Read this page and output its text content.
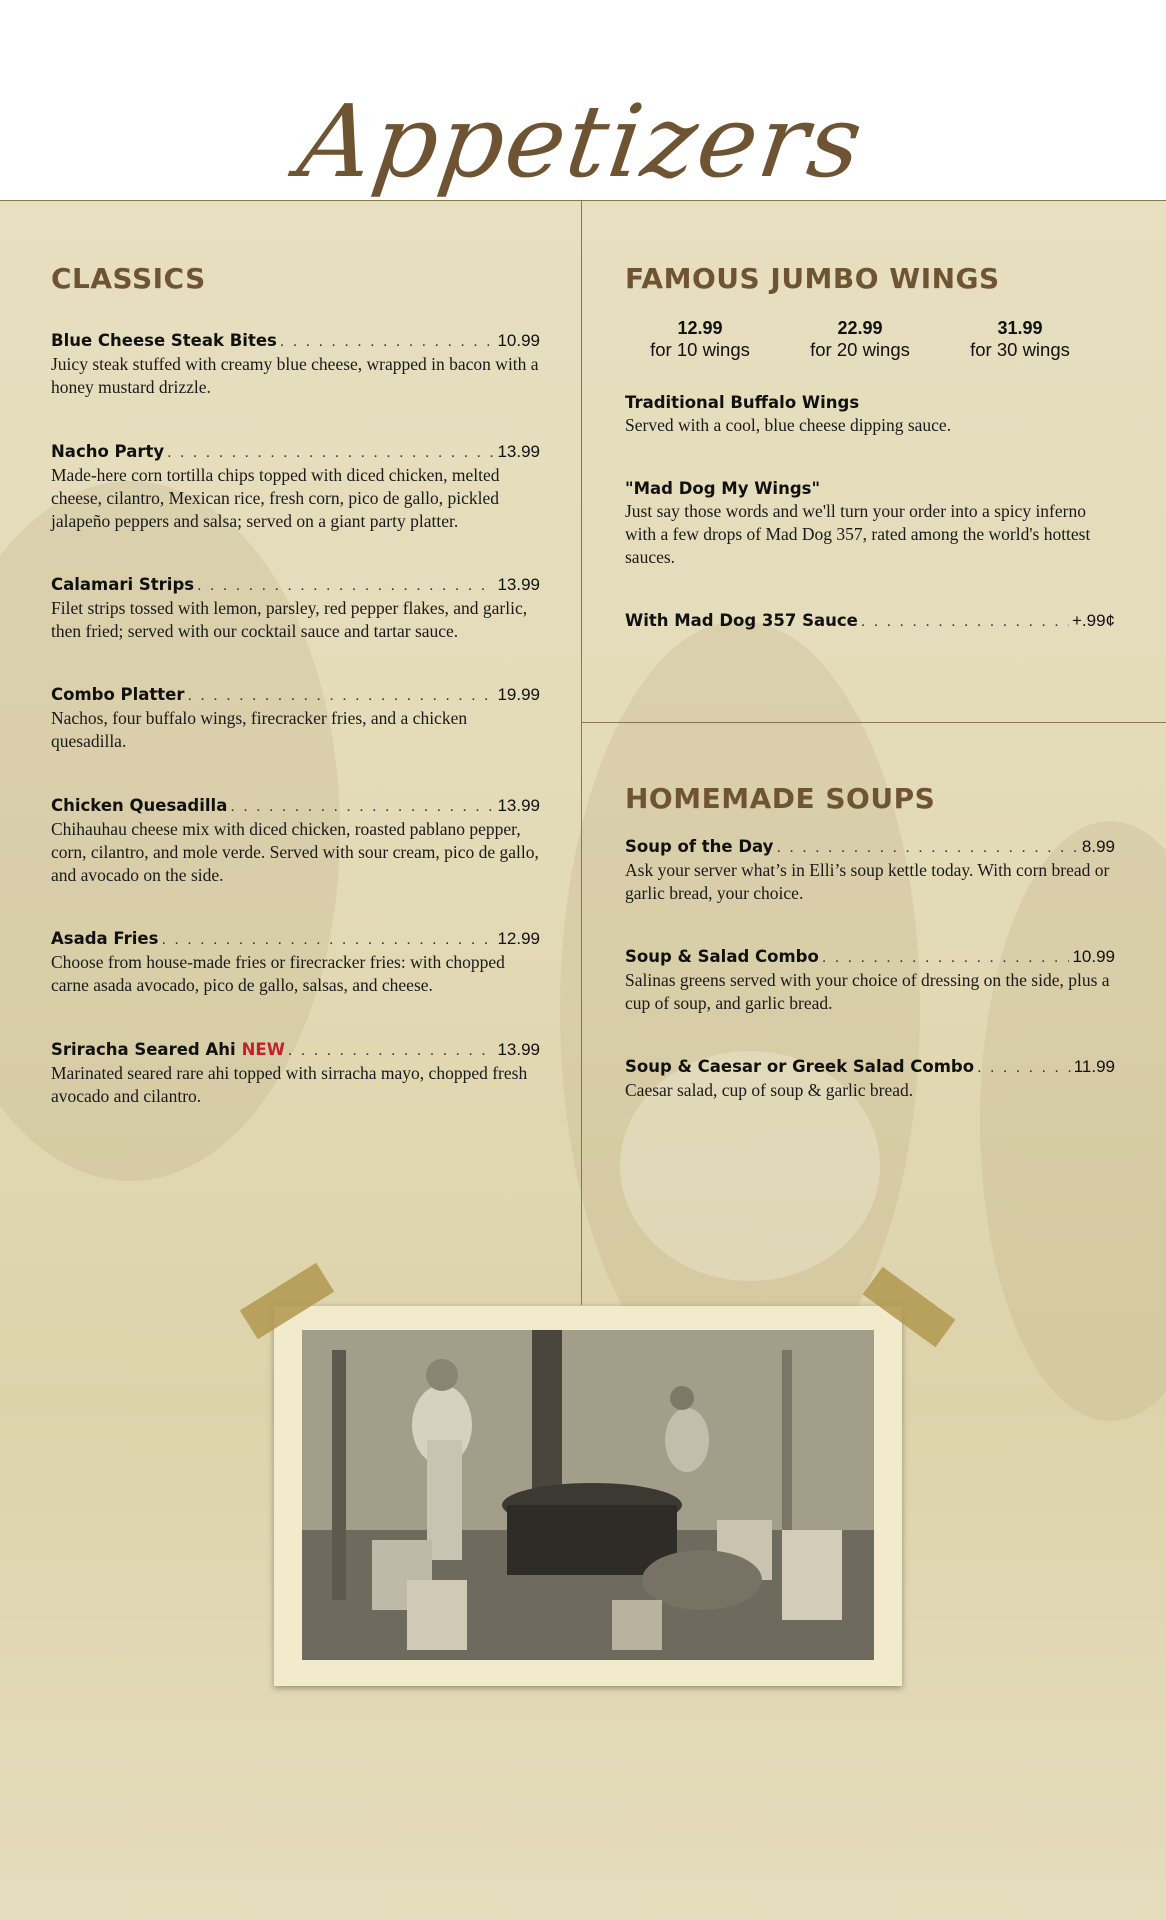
Appetizers
CLASSICS
Blue Cheese Steak Bites . . .	10.99
Juicy steak stuffed with creamy blue cheese, wrapped in bacon with a honey mustard drizzle.
Nacho Party . . .	13.99
Made-here corn tortilla chips topped with diced chicken, melted cheese, cilantro, Mexican rice, fresh corn, pico de gallo, pickled jalapeño peppers and salsa; served on a giant party platter.
Calamari Strips . . .	13.99
Filet strips tossed with lemon, parsley, red pepper flakes, and garlic, then fried; served with our cocktail sauce and tartar sauce.
Combo Platter . . .	19.99
Nachos, four buffalo wings, firecracker fries, and a chicken quesadilla.
Chicken Quesadilla . . .	13.99
Chihauhau cheese mix with diced chicken, roasted pablano pepper, corn, cilantro, and mole verde. Served with sour cream, pico de gallo, and avocado on the side.
Asada Fries . . .	12.99
Choose from house-made fries or firecracker fries: with chopped carne asada avocado, pico de gallo, salsas, and cheese.
Sriracha Seared Ahi NEW . . .	13.99
Marinated seared rare ahi topped with sirracha mayo, chopped fresh avocado and cilantro.
FAMOUS JUMBO WINGS
12.99
for 10 wings
22.99
for 20 wings
31.99
for 30 wings
Traditional Buffalo Wings
Served with a cool, blue cheese dipping sauce.
"Mad Dog My Wings"
Just say those words and we'll turn your order into a spicy inferno with a few drops of Mad Dog 357, rated among the world's hottest sauces.
With Mad Dog 357 Sauce . . .	+.99¢
HOMEMADE SOUPS
Soup of the Day . . .	8.99
Ask your server what’s in Elli’s soup kettle today. With corn bread or garlic bread, your choice.
Soup & Salad Combo . . .	10.99
Salinas greens served with your choice of dressing on the side, plus a cup of soup, and garlic bread.
Soup & Caesar or Greek Salad Combo . . .	11.99
Caesar salad, cup of soup & garlic bread.
